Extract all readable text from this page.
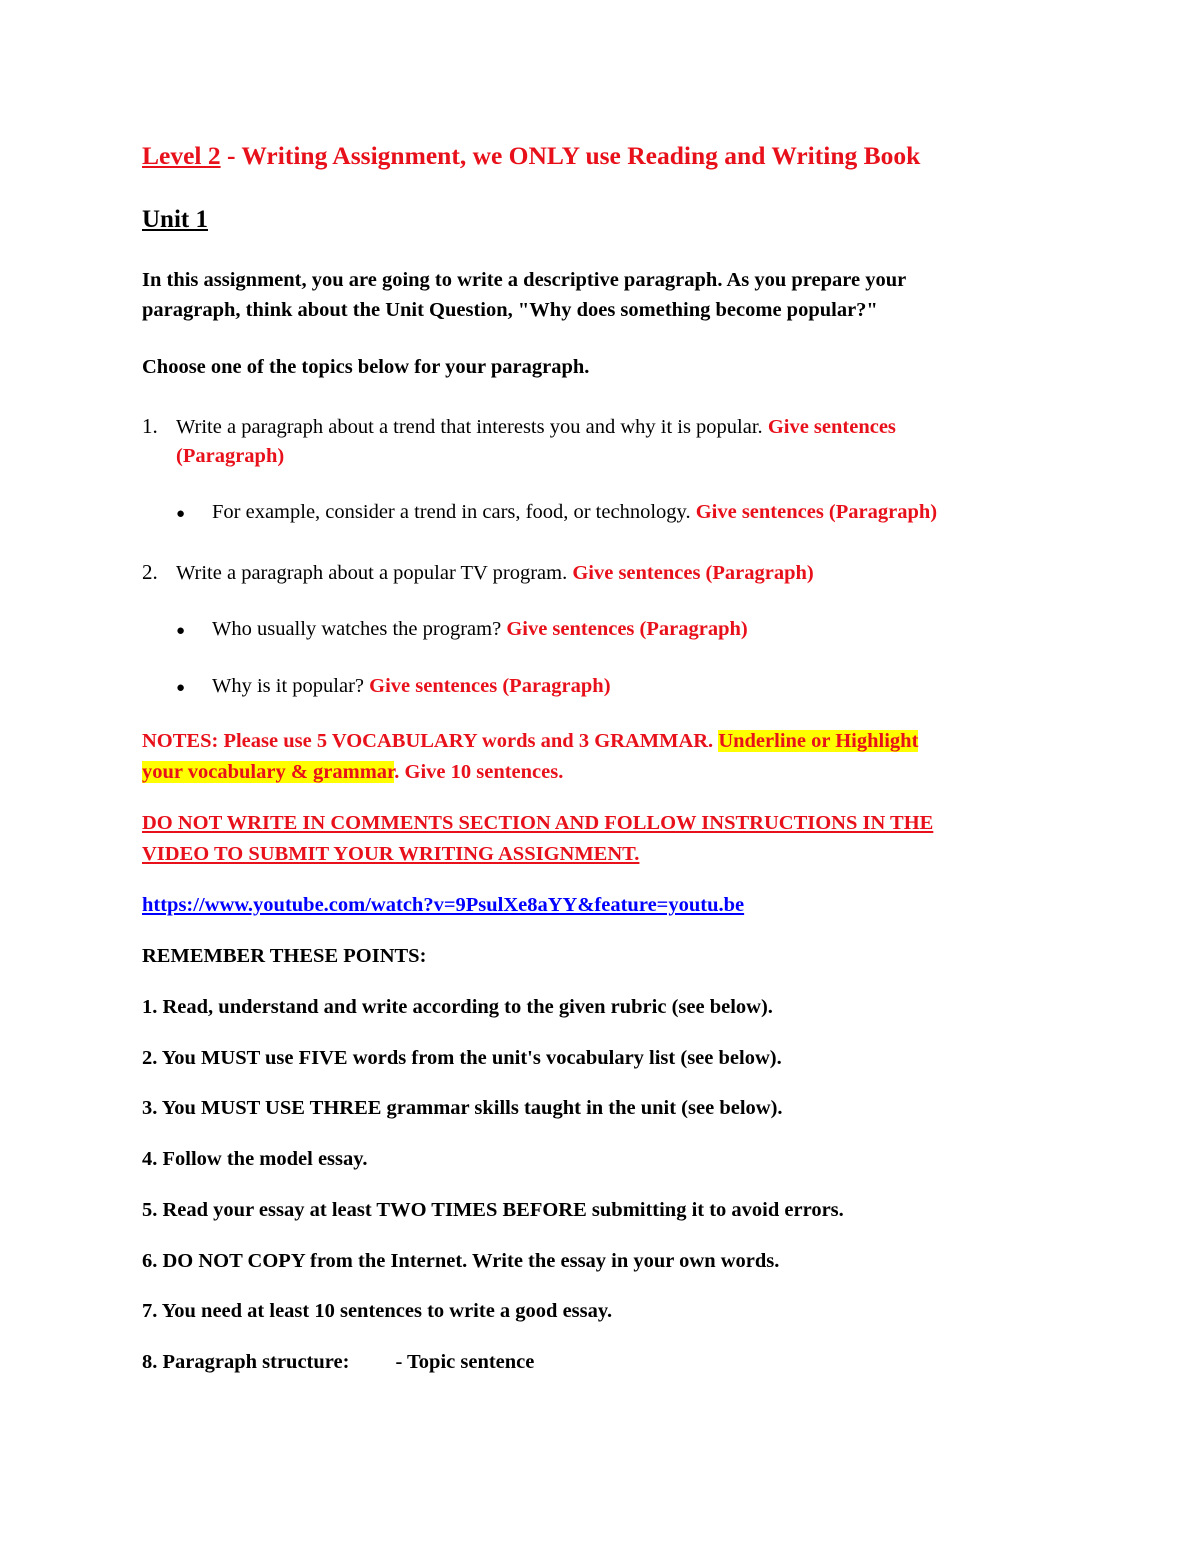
Level 2 - Writing Assignment, we ONLY use Reading and Writing Book

Unit 1

In this assignment, you are going to write a descriptive paragraph. As you prepare your

paragraph, think about the Unit Question, "Why does something become popular?"

Choose one of the topics below for your paragraph.

1. Write a paragraph about a trend that interests you and why it is popular. Give sentences

(Paragraph)

● For example, consider a trend in cars, food, or technology. Give sentences (Paragraph)

2. Write a paragraph about a popular TV program. Give sentences (Paragraph)

● Who usually watches the program? Give sentences (Paragraph)

● Why is it popular? Give sentences (Paragraph)

NOTES: Please use 5 VOCABULARY words and 3 GRAMMAR. Underline or Highlight

your vocabulary & grammar. Give 10 sentences.

DO NOT WRITE IN COMMENTS SECTION AND FOLLOW INSTRUCTIONS IN THE

VIDEO TO SUBMIT YOUR WRITING ASSIGNMENT.

https://www.youtube.com/watch?v=9PsulXe8aYY&feature=youtu.be

REMEMBER THESE POINTS:

1. Read, understand and write according to the given rubric (see below).

2. You MUST use FIVE words from the unit's vocabulary list (see below).

3. You MUST USE THREE grammar skills taught in the unit (see below).

4. Follow the model essay.

5. Read your essay at least TWO TIMES BEFORE submitting it to avoid errors.

6. DO NOT COPY from the Internet. Write the essay in your own words.

7. You need at least 10 sentences to write a good essay.

8. Paragraph structure: - Topic sentence
